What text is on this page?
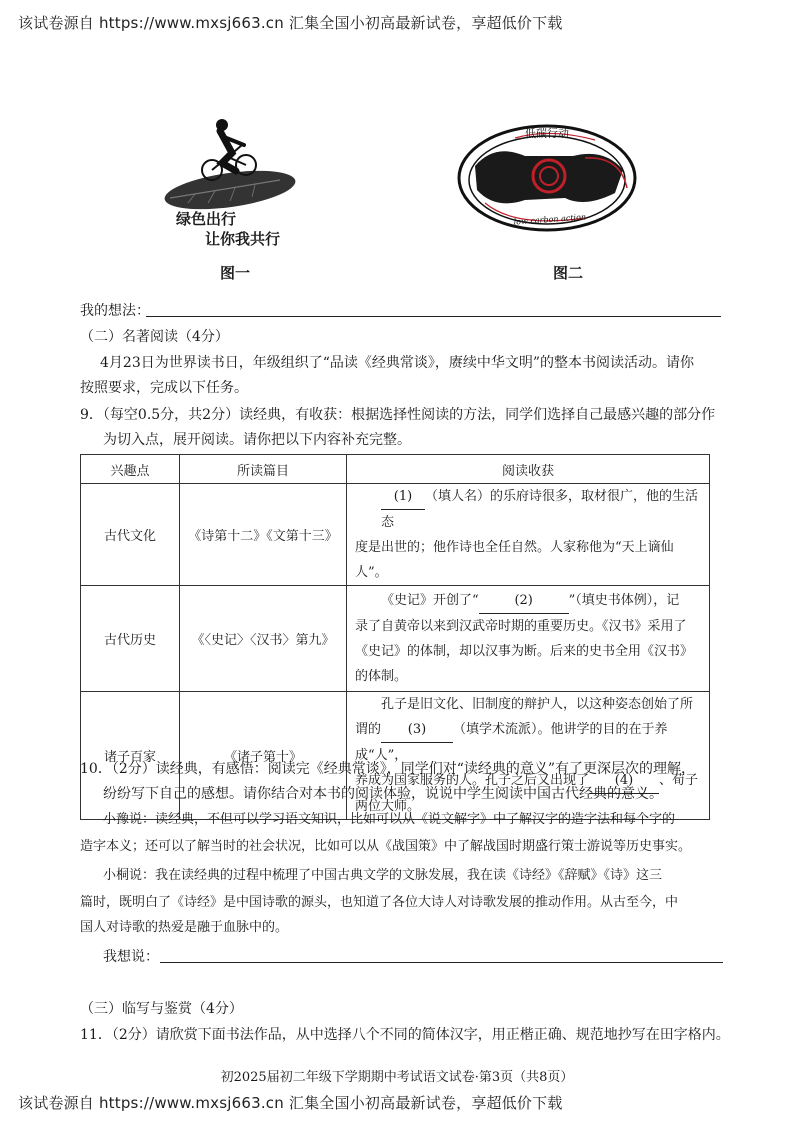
该试卷源自 https://www.mxsj663.cn 汇集全国小初高最新试卷，享超低价下载
绿色出行
让你我共行
图一
低碳行动
low carbon action
图二
我的想法：
（二）名著阅读（4分）
4月23日为世界读书日，年级组织了“品读《经典常谈》，赓续中华文明”的整本书阅读活动。请你
按照要求，完成以下任务。
9．（每空0.5分，共2分）读经典，有收获：根据选择性阅读的方法，同学们选择自己最感兴趣的部分作
为切入点，展开阅读。请你把以下内容补充完整。
兴趣点	所读篇目	阅读收获
古代文化	《诗第十二》《文第十三》	(1) （填人名）的乐府诗很多，取材很广，他的生活态
度是出世的；他作诗也全任自然。人家称他为“天上谪仙人”。

古代历史	《〈史记〉〈汉书〉第九》	《史记》开创了“ (2) ”（填史书体例），记
录了自黄帝以来到汉武帝时期的重要历史。《汉书》采用了
《史记》的体制，却以汉事为断。后来的史书全用《汉书》
的体制。

诸子百家	《诸子第十》	孔子是旧文化、旧制度的辩护人，以这种姿态创始了所
谓的 (3) （填学术流派）。他讲学的目的在于养成“人”，
养成为国家服务的人。孔子之后又出现了 (4) 、荀子
两位大师。
10．（2分）读经典，有感悟：阅读完《经典常谈》，同学们对“读经典的意义”有了更深层次的理解，
纷纷写下自己的感想。请你结合对本书的阅读体验，说说中学生阅读中国古代经典的意义。
小豫说：读经典，不但可以学习语文知识，比如可以从《说文解字》中了解汉字的造字法和每个字的
造字本义；还可以了解当时的社会状况，比如可以从《战国策》中了解战国时期盛行策士游说等历史事实。
小桐说：我在读经典的过程中梳理了中国古典文学的文脉发展，我在读《诗经》《辞赋》《诗》这三
篇时，既明白了《诗经》是中国诗歌的源头，也知道了各位大诗人对诗歌发展的推动作用。从古至今，中
国人对诗歌的热爱是融于血脉中的。
我想说：
（三）临写与鉴赏（4分）
11．（2分）请欣赏下面书法作品，从中选择八个不同的简体汉字，用正楷正确、规范地抄写在田字格内。
初2025届初二年级下学期期中考试语文试卷·第3页（共8页）
该试卷源自 https://www.mxsj663.cn 汇集全国小初高最新试卷，享超低价下载
